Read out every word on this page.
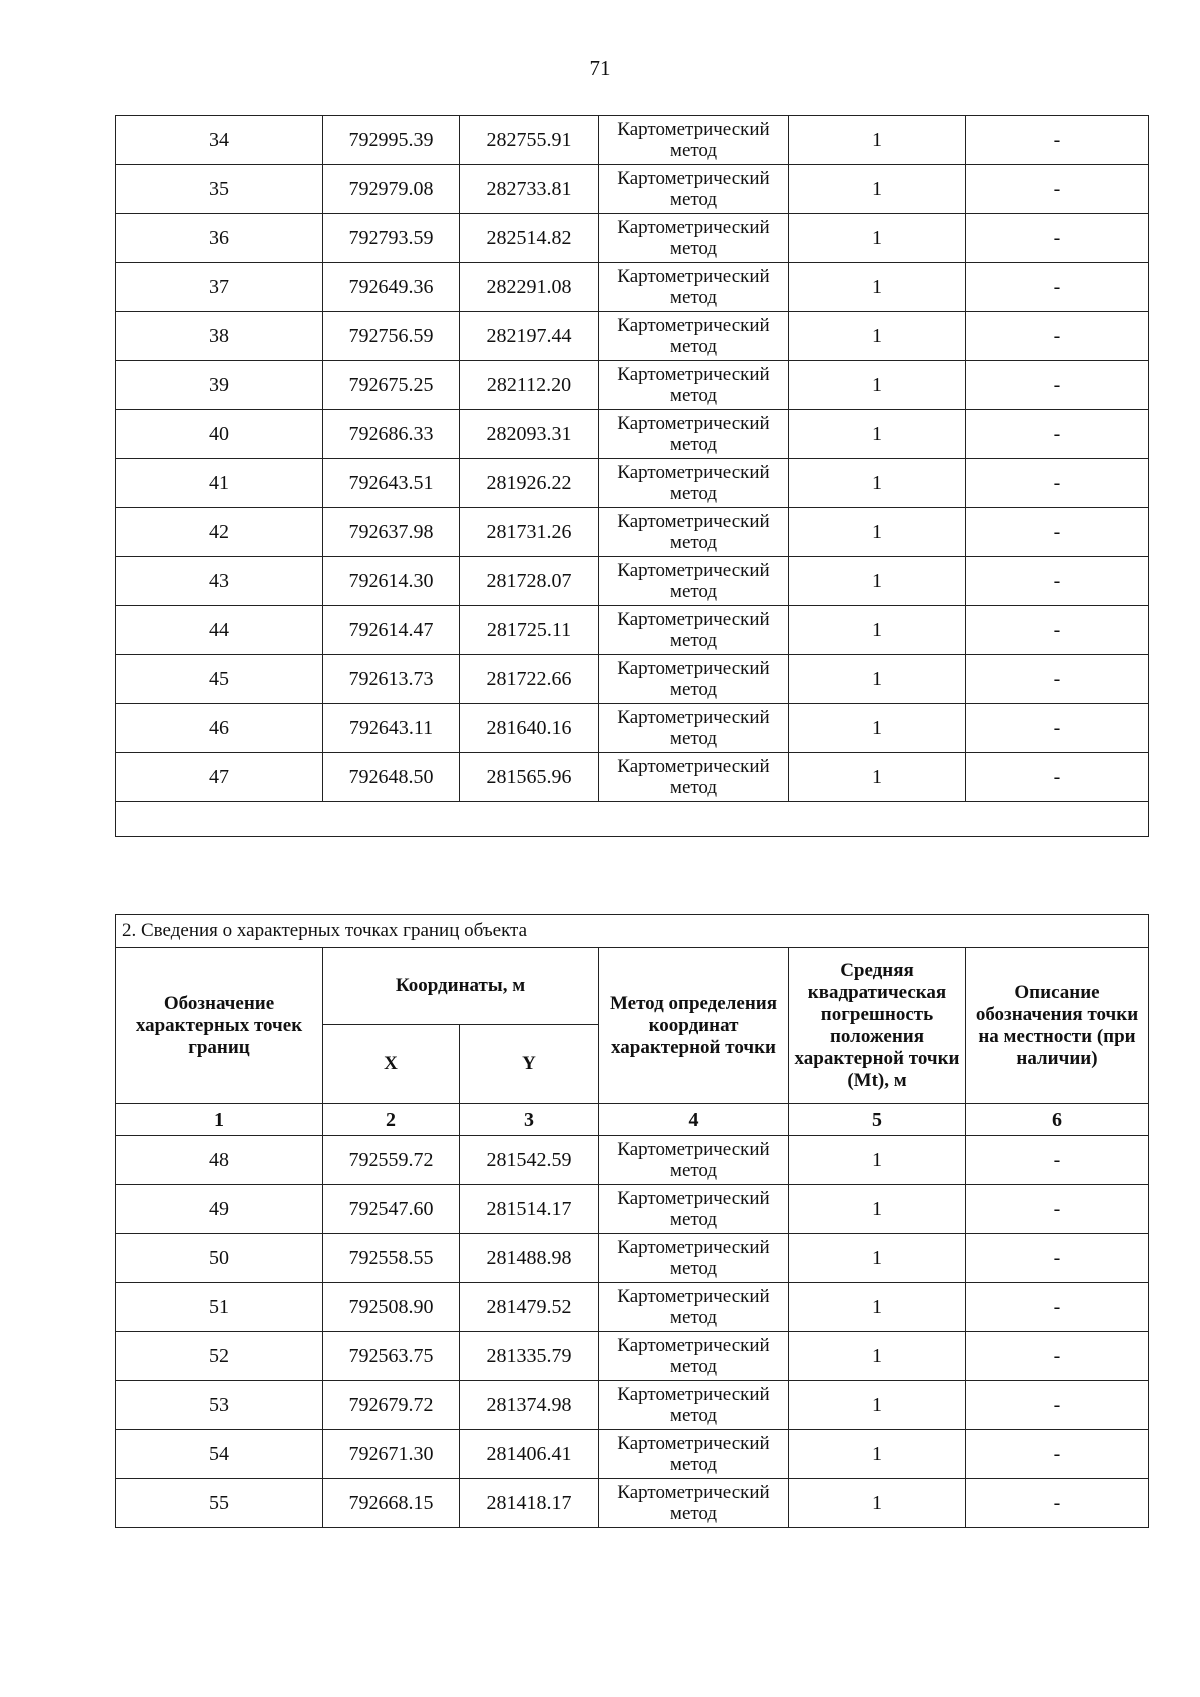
71
34	792995.39	282755.91	Картометрический метод	1	-
35	792979.08	282733.81	Картометрический метод	1	-
36	792793.59	282514.82	Картометрический метод	1	-
37	792649.36	282291.08	Картометрический метод	1	-
38	792756.59	282197.44	Картометрический метод	1	-
39	792675.25	282112.20	Картометрический метод	1	-
40	792686.33	282093.31	Картометрический метод	1	-
41	792643.51	281926.22	Картометрический метод	1	-
42	792637.98	281731.26	Картометрический метод	1	-
43	792614.30	281728.07	Картометрический метод	1	-
44	792614.47	281725.11	Картометрический метод	1	-
45	792613.73	281722.66	Картометрический метод	1	-
46	792643.11	281640.16	Картометрический метод	1	-
47	792648.50	281565.96	Картометрический метод	1	-

2. Сведения о характерных точках границ объекта					
Обозначение характерных точек границ	Координаты, м		Метод определения координат характерной точки	Средняя квадратическая погрешность положения характерной точки (Mt), м	Описание обозначения точки на местности (при наличии)
	X	Y			
1	2	3	4	5	6
48	792559.72	281542.59	Картометрический метод	1	-
49	792547.60	281514.17	Картометрический метод	1	-
50	792558.55	281488.98	Картометрический метод	1	-
51	792508.90	281479.52	Картометрический метод	1	-
52	792563.75	281335.79	Картометрический метод	1	-
53	792679.72	281374.98	Картометрический метод	1	-
54	792671.30	281406.41	Картометрический метод	1	-
55	792668.15	281418.17	Картометрический метод	1	-
